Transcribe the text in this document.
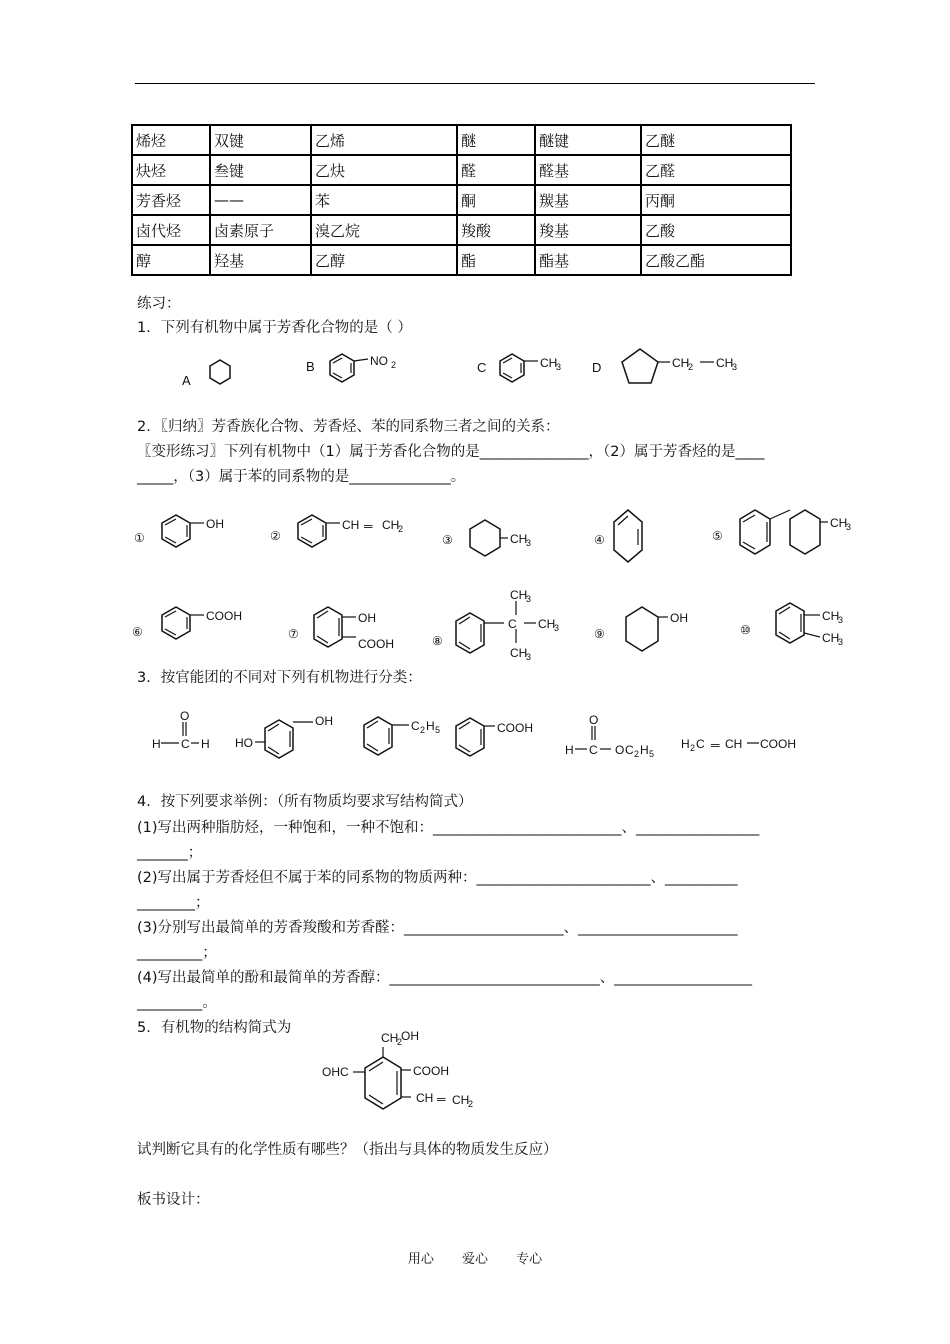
烯烃	双键	乙烯	醚	醚键	乙醚
炔烃	叁键	乙炔	醛	醛基	乙醛
芳香烃	——	苯	酮	羰基	丙酮
卤代烃	卤素原子	溴乙烷	羧酸	羧基	乙酸
醇	羟基	乙醇	酯	酯基	乙酸乙酯
练习：
1．下列有机物中属于芳香化合物的是（ ）
A
B	NO 2	C	CH
3 D	CH
2 CH
3
2．〖归纳〗芳香族化合物、芳香烃、苯的同系物三者之间的关系：
〖变形练习〗下列有机物中（1）属于芳香化合物的是_______________，（2）属于芳香烃的是____
_____，（3）属于苯的同系物的是______________。
①
OH
②
CH ═ CH
2
③	CH
3	④	⑤
CH
3
⑥
COOH
⑦
OH
COOH	⑧
CH
3
C CH
3
CH
3
⑨
OH
⑩
CH
3
CH
3
3．按官能团的不同对下列有机物进行分类：
O
H C H HO
OH	C 2 H 5	COOH
O
H C O C 2 H 5
H 2 C ═ CH COOH
4．按下列要求举例：（所有物质均要求写结构简式）
(1)写出两种脂肪烃，一种饱和，一种不饱和：__________________________、_________________
_______；
(2)写出属于芳香烃但不属于苯的同系物的物质两种：________________________、__________
________；
(3)分别写出最简单的芳香羧酸和芳香醛：______________________、______________________
_________；
(4)写出最简单的酚和最简单的芳香醇：_____________________________、___________________
_________。
5．有机物的结构简式为
CH
2
OH
OHC	COOH
CH ═ CH
2
试判断它具有的化学性质有哪些？（指出与具体的物质发生反应）
板书设计：
用心 爱心 专心
